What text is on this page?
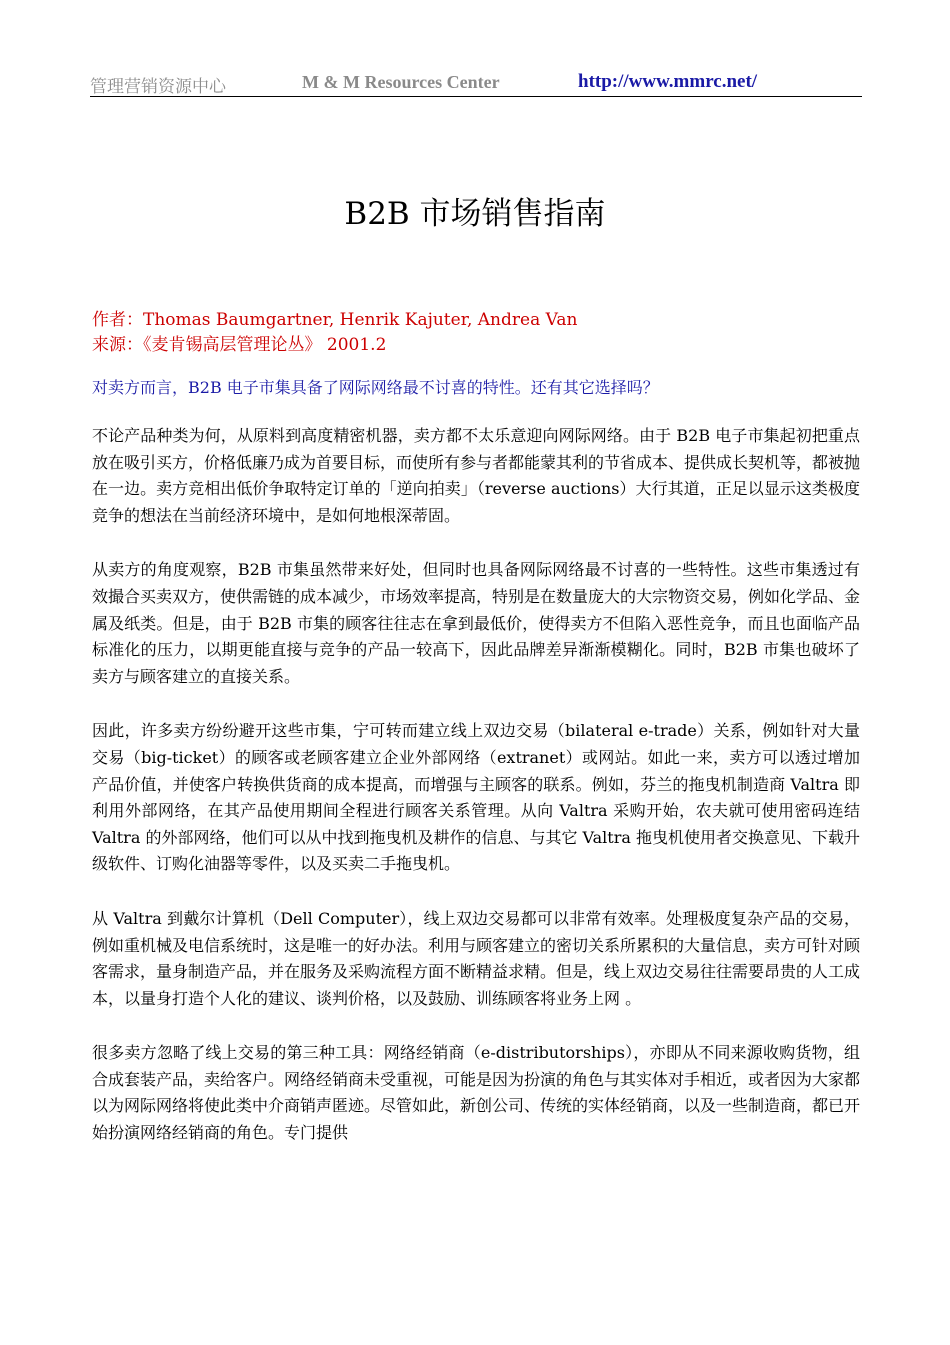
管理营销资源中心	M & M Resources Center	http://www.mmrc.net/
B2B 市场销售指南
作者：Thomas Baumgartner, Henrik Kajuter, Andrea Van
来源：《麦肯锡高层管理论丛》 2001.2
对卖方而言，B2B 电子市集具备了网际网络最不讨喜的特性。还有其它选择吗？

不论产品种类为何，从原料到高度精密机器，卖方都不太乐意迎向网际网络。由于 B2B 电子市集起初把重点放在吸引买方，价格低廉乃成为首要目标，而使所有参与者都能蒙其利的节省成本、提供成长契机等，都被抛在一边。卖方竞相出低价争取特定订单的「逆向拍卖」（reverse auctions）大行其道，正足以显示这类极度竞争的想法在当前经济环境中，是如何地根深蒂固。

从卖方的角度观察，B2B 市集虽然带来好处，但同时也具备网际网络最不讨喜的一些特性。这些市集透过有效撮合买卖双方，使供需链的成本减少，市场效率提高，特别是在数量庞大的大宗物资交易，例如化学品、金属及纸类。但是，由于 B2B 市集的顾客往往志在拿到最低价，使得卖方不但陷入恶性竞争，而且也面临产品标准化的压力，以期更能直接与竞争的产品一较高下，因此品牌差异渐渐模糊化。同时，B2B 市集也破坏了卖方与顾客建立的直接关系。

因此，许多卖方纷纷避开这些市集，宁可转而建立线上双边交易（bilateral e-trade）关系，例如针对大量交易（big-ticket）的顾客或老顾客建立企业外部网络（extranet）或网站。如此一来，卖方可以透过增加产品价值，并使客户转换供货商的成本提高，而增强与主顾客的联系。例如，芬兰的拖曳机制造商 Valtra 即利用外部网络，在其产品使用期间全程进行顾客关系管理。从向 Valtra 采购开始，农夫就可使用密码连结 Valtra 的外部网络，他们可以从中找到拖曳机及耕作的信息、与其它 Valtra 拖曳机使用者交换意见、下载升级软件、订购化油器等零件，以及买卖二手拖曳机。

从 Valtra 到戴尔计算机（Dell Computer），线上双边交易都可以非常有效率。处理极度复杂产品的交易，例如重机械及电信系统时，这是唯一的好办法。利用与顾客建立的密切关系所累积的大量信息，卖方可针对顾客需求，量身制造产品，并在服务及采购流程方面不断精益求精。但是，线上双边交易往往需要昂贵的人工成本，以量身打造个人化的建议、谈判价格，以及鼓励、训练顾客将业务上网 。

很多卖方忽略了线上交易的第三种工具：网络经销商（e-distributorships），亦即从不同来源收购货物，组合成套装产品，卖给客户。网络经销商未受重视，可能是因为扮演的角色与其实体对手相近，或者因为大家都以为网际网络将使此类中介商销声匿迹。尽管如此，新创公司、传统的实体经销商，以及一些制造商，都已开始扮演网络经销商的角色。专门提供
